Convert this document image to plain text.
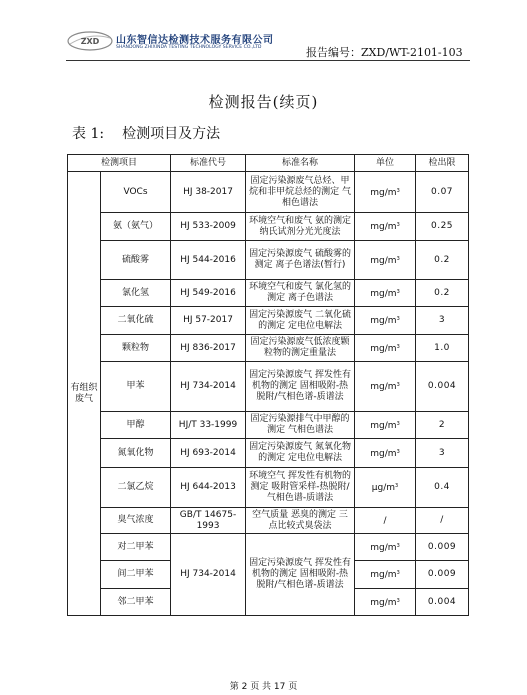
ZXD 山东智信达检测技术服务有限公司
SHANDONG ZHIXINDA TESTING TECHNOLOGY SERVICE CO.,LTD	报告编号：ZXD/WT-2101-103
检测报告(续页)
表 1: 检测项目及方法
检测项目		标准代号	标准名称	单位	检出限
有组织废气	VOCs	HJ 38-2017	固定污染源废气总烃、甲烷和非甲烷总烃的测定 气相色谱法	$mg/m^3$	0.07
	氨（氨气）	HJ 533-2009	环境空气和废气 氨的测定 纳氏试剂分光光度法	$mg/m^3$	0.25
	硫酸雾	HJ 544-2016	固定污染源废气 硫酸雾的测定 离子色谱法(暂行)	$mg/m^3$	0.2
	氯化氢	HJ 549-2016	环境空气和废气 氯化氢的测定 离子色谱法	$mg/m^3$	0.2
	二氧化硫	HJ 57-2017	固定污染源废气 二氧化硫的测定 定电位电解法	$mg/m^3$	3
	颗粒物	HJ 836-2017	固定污染源废气低浓度颗粒物的测定重量法	$mg/m^3$	1.0
	甲苯	HJ 734-2014	固定污染源废气 挥发性有机物的测定 固相吸附-热脱附/气相色谱-质谱法	$mg/m^3$	0.004
	甲醇	HJ/T 33-1999	固定污染源排气中甲醇的测定 气相色谱法	$mg/m^3$	2
	氮氧化物	HJ 693-2014	固定污染源废气 氮氧化物的测定 定电位电解法	$mg/m^3$	3
	二氯乙烷	HJ 644-2013	环境空气 挥发性有机物的测定 吸附管采样-热脱附/气相色谱-质谱法	$\mu g/m^3$	0.4
	臭气浓度	GB/T 14675-1993	空气质量 恶臭的测定 三点比较式臭袋法	/	/
	对二甲苯	HJ 734-2014	固定污染源废气 挥发性有机物的测定 固相吸附-热脱附/气相色谱-质谱法	$mg/m^3$	0.009
	间二甲苯			$mg/m^3$	0.009
	邻二甲苯			$mg/m^3$	0.004
第 2 页 共 17 页
